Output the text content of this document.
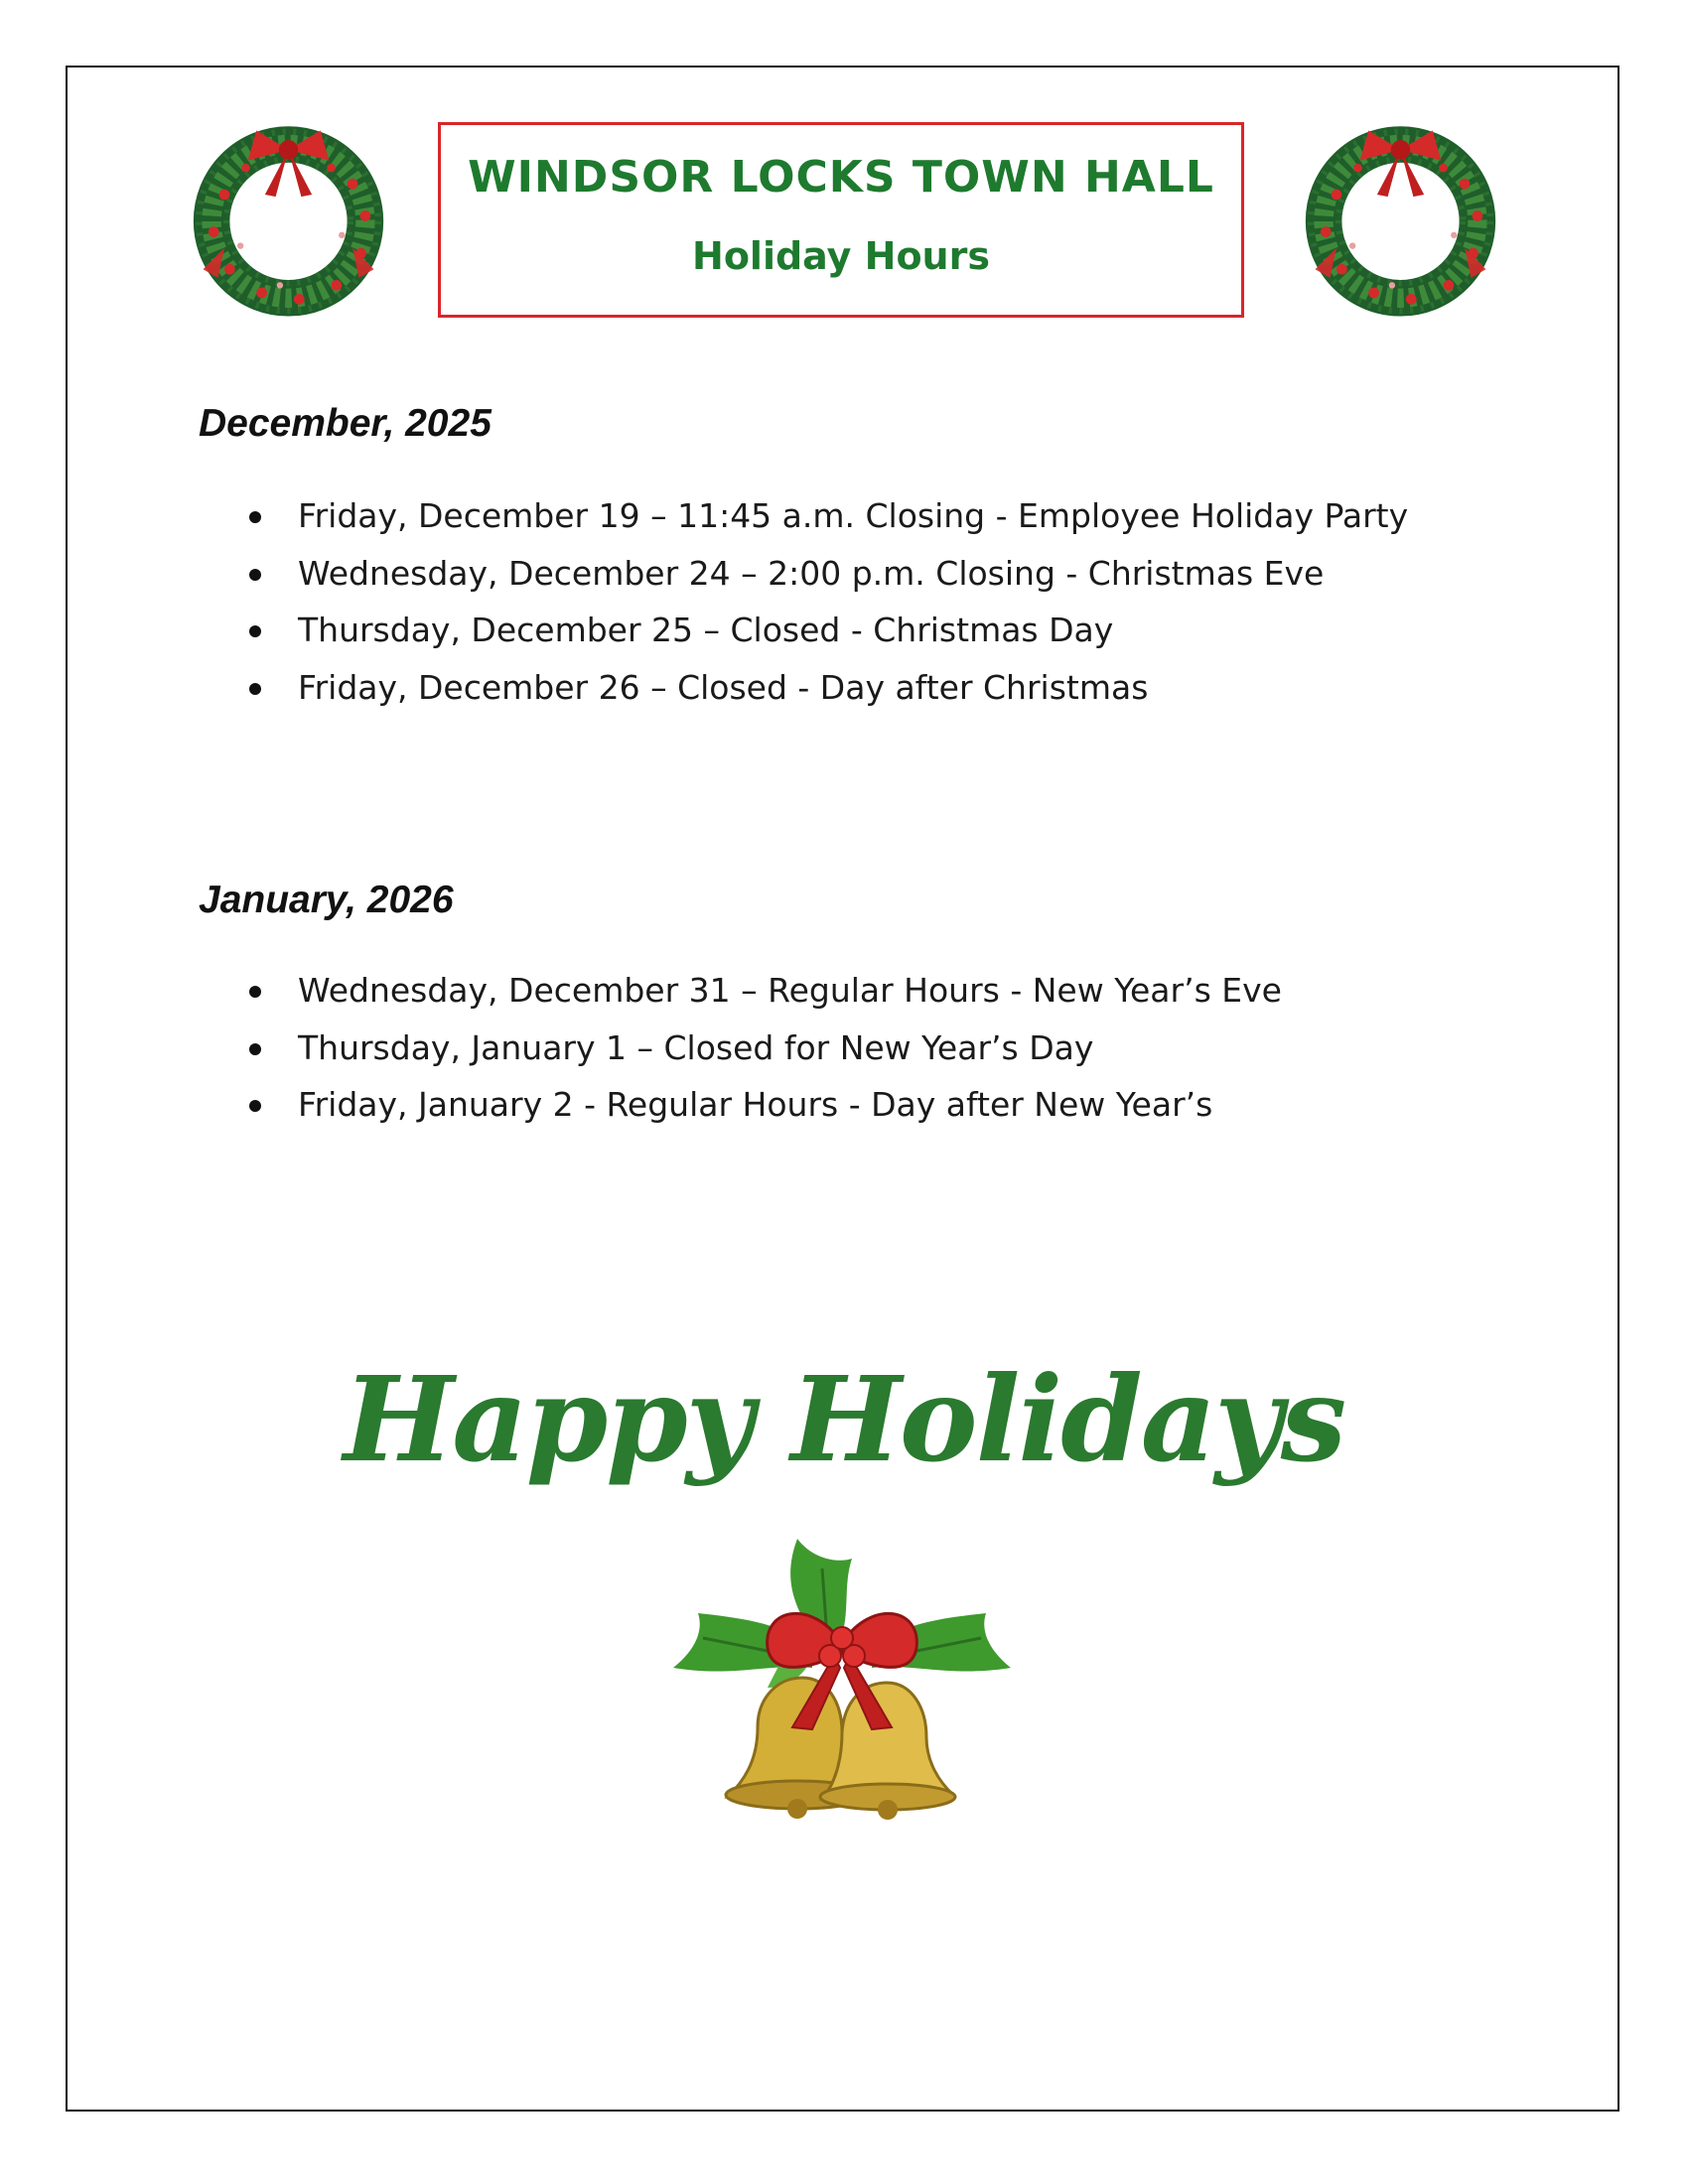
WINDSOR LOCKS TOWN HALL
Holiday Hours
December, 2025
Friday, December 19 – 11:45 a.m. Closing - Employee Holiday Party
Wednesday, December 24 – 2:00 p.m. Closing - Christmas Eve
Thursday, December 25 – Closed - Christmas Day
Friday, December 26 – Closed - Day after Christmas
January, 2026
Wednesday, December 31 – Regular Hours - New Year’s Eve
Thursday, January 1 – Closed for New Year’s Day
Friday, January 2 - Regular Hours - Day after New Year’s
Happy Holidays
